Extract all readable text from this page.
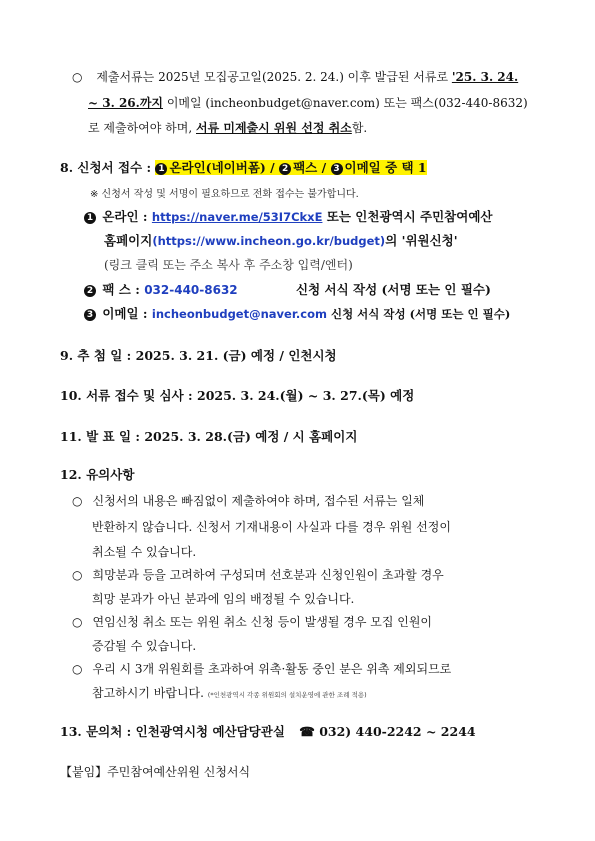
○ 제출서류는 2025년 모집공고일(2025. 2. 24.) 이후 발급된 서류로 '25. 3. 24.
~ 3. 26.까지 이메일 (incheonbudget@naver.com) 또는 팩스(032-440-8632)
로 제출하여야 하며, 서류 미제출시 위원 선정 취소함.
8. 신청서 접수 : 1 온라인(네이버폼) / 2 팩스 / 3 이메일 중 택 1
※ 신청서 작성 및 서명이 필요하므로 전화 접수는 불가합니다.
1 온라인 : https://naver.me/53I7CkxE 또는 인천광역시 주민참여예산
홈페이지(https://www.incheon.go.kr/budget)의 '위원신청'
(링크 클릭 또는 주소 복사 후 주소창 입력/엔터)
2 팩 스 : 032-440-8632	신청 서식 작성 (서명 또는 인 필수)
3 이메일 : incheonbudget@naver.com 신청 서식 작성 (서명 또는 인 필수)
9. 추 첨 일 : 2025. 3. 21. (금) 예정 / 인천시청
10. 서류 접수 및 심사 : 2025. 3. 24.(월) ~ 3. 27.(목) 예정
11. 발 표 일 : 2025. 3. 28.(금) 예정 / 시 홈페이지
12. 유의사항
○ 신청서의 내용은 빠짐없이 제출하여야 하며, 접수된 서류는 일체
반환하지 않습니다. 신청서 기재내용이 사실과 다를 경우 위원 선정이
취소될 수 있습니다.
○ 희망분과 등을 고려하여 구성되며 선호분과 신청인원이 초과할 경우
희망 분과가 아닌 분과에 임의 배정될 수 있습니다.
○ 연임신청 취소 또는 위원 취소 신청 등이 발생될 경우 모집 인원이
증감될 수 있습니다.
○ 우리 시 3개 위원회를 초과하여 위촉·활동 중인 분은 위촉 제외되므로
참고하시기 바랍니다. (*인천광역시 각종 위원회의 설치운영에 관한 조례 적용)
13. 문의처 : 인천광역시청 예산담당관실 ☎ 032) 440-2242 ~ 2244
【붙임】주민참여예산위원 신청서식
